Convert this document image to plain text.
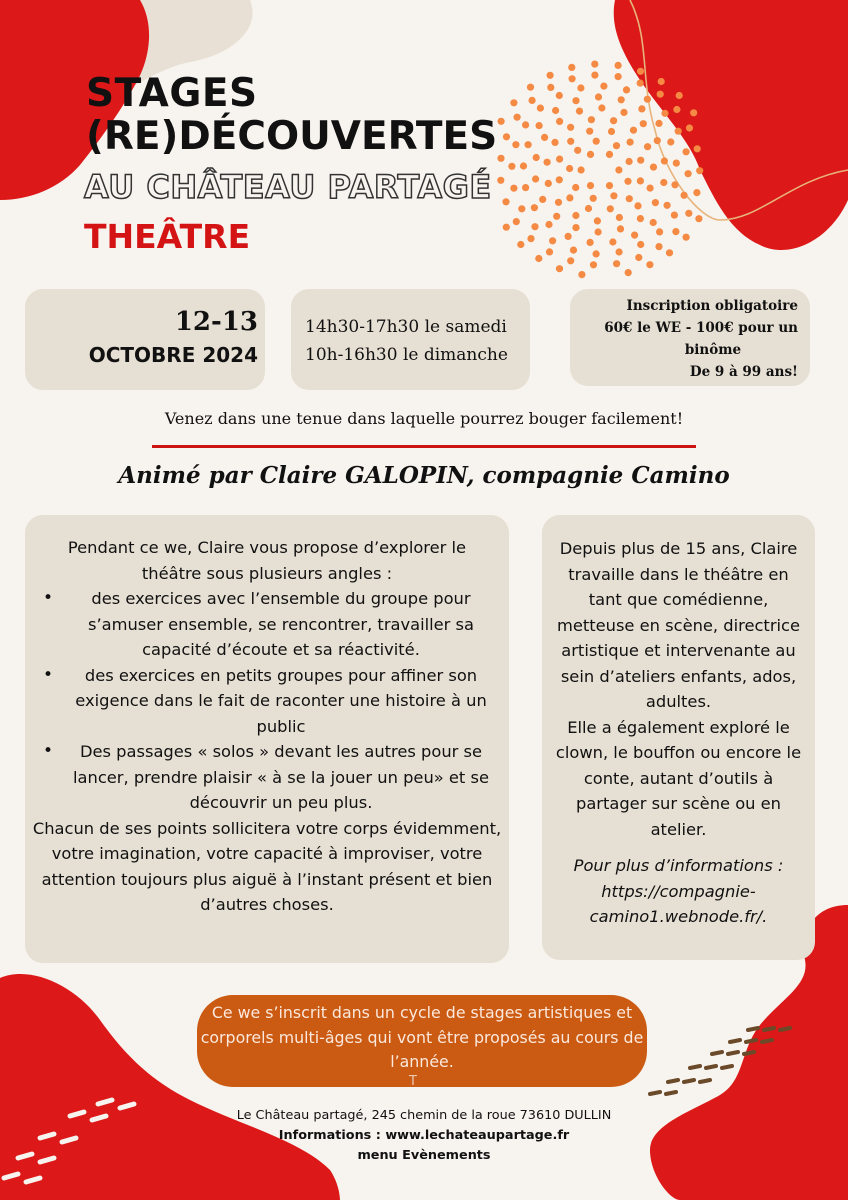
STAGES
(RE)DÉCOUVERTES
AU CHÂTEAU PARTAGÉ
THEÂTRE
12-13
OCTOBRE 2024
14h30-17h30 le samedi
10h-16h30 le dimanche
Inscription obligatoire
60€ le WE - 100€ pour un
binôme
De 9 à 99 ans!
Venez dans une tenue dans laquelle pourrez bouger facilement!
Animé par Claire GALOPIN, compagnie Camino

Pendant ce we, Claire vous propose d’explorer le théâtre sous plusieurs angles :

• des exercices avec l’ensemble du groupe pour s’amuser ensemble, se rencontrer, travailler sa capacité d’écoute et sa réactivité.
• des exercices en petits groupes pour affiner son exigence dans le fait de raconter une histoire à un public
• Des passages « solos » devant les autres pour se lancer, prendre plaisir « à se la jouer un peu» et se découvrir un peu plus.

Chacun de ses points sollicitera votre corps évidemment, votre imagination, votre capacité à improviser, votre attention toujours plus aiguë à l’instant présent et bien d’autres choses.

Depuis plus de 15 ans, Claire travaille dans le théâtre en tant que comédienne, metteuse en scène, directrice artistique et intervenante au sein d’ateliers enfants, ados, adultes.

Elle a également exploré le clown, le bouffon ou encore le conte, autant d’outils à partager sur scène ou en atelier.

Pour plus d’informations : https://compagnie-camino1.webnode.fr/.

Ce we s’inscrit dans un cycle de stages artistiques et corporels multi-âges qui vont être proposés au cours de l’année.

T
Le Château partagé, 245 chemin de la roue 73610 DULLIN
Informations : www.lechateaupartage.fr
menu Evènements
